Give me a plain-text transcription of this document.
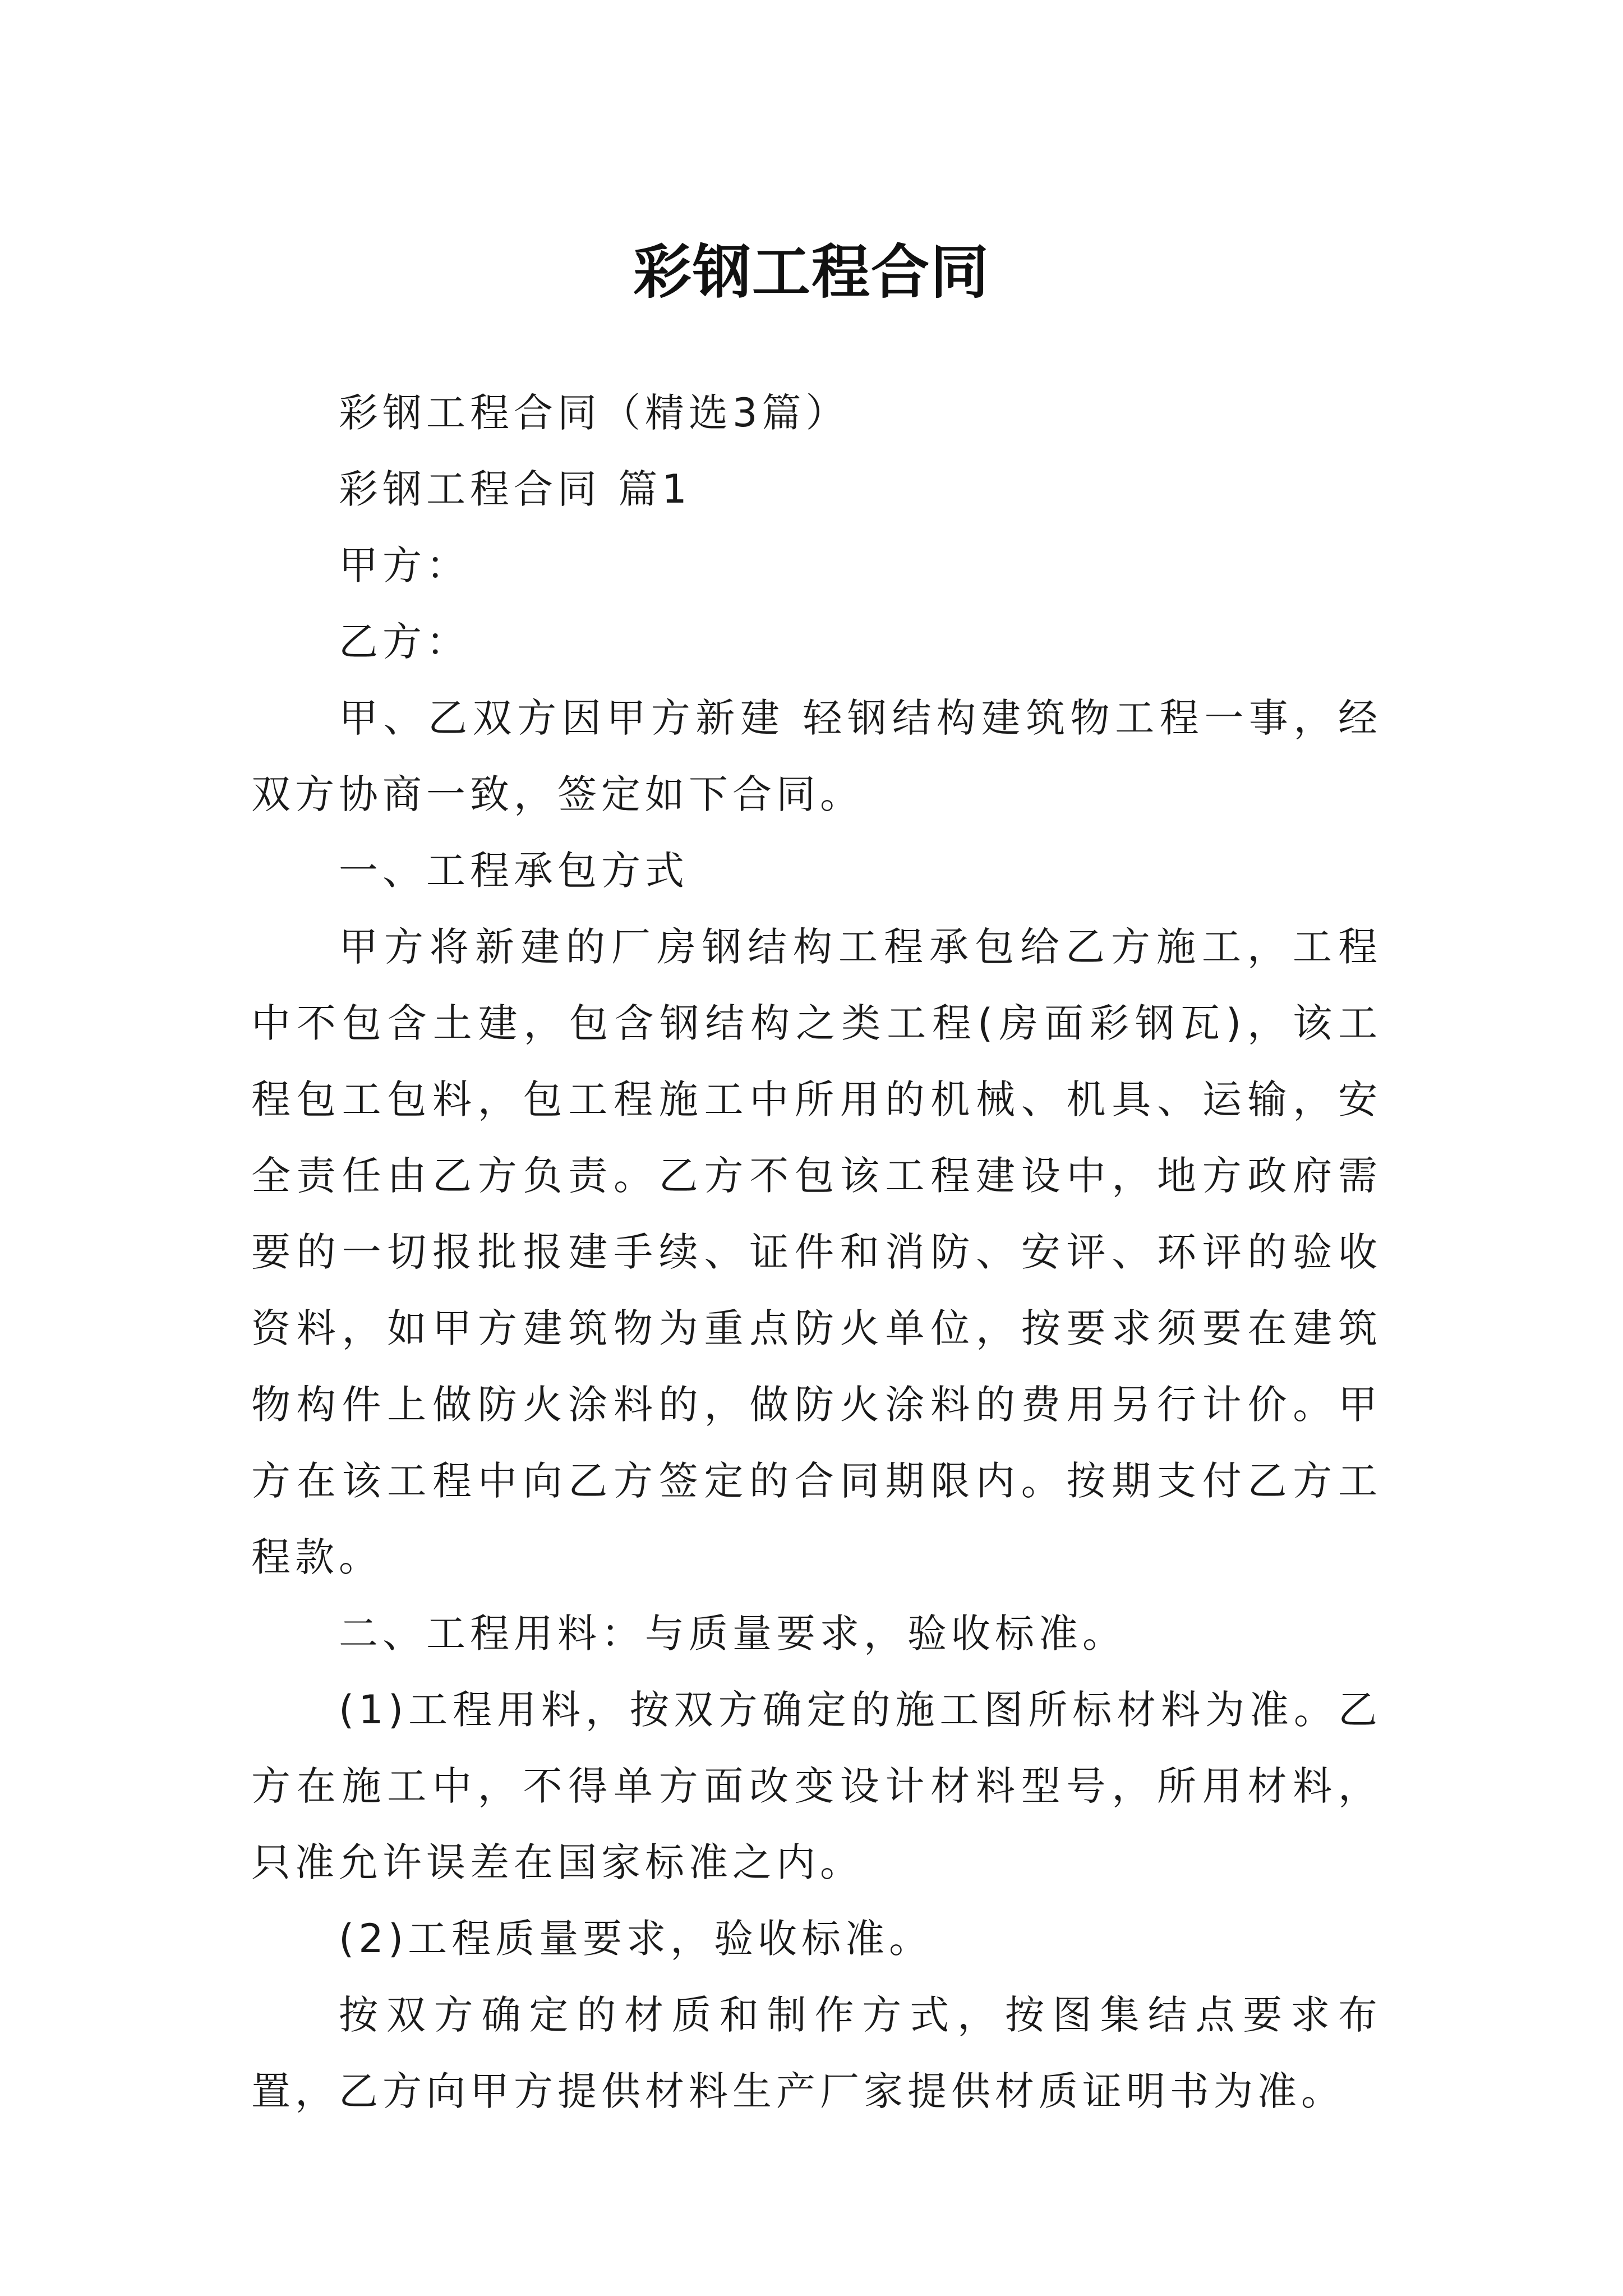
彩钢工程合同

彩钢工程合同（精选3篇）

彩钢工程合同 篇1

甲方：

乙方：

甲、乙双方因甲方新建 轻钢结构建筑物工程一事，经双方协商一致，签定如下合同。

一、工程承包方式

甲方将新建的厂房钢结构工程承包给乙方施工，工程中不包含土建，包含钢结构之类工程(房面彩钢瓦)，该工程包工包料，包工程施工中所用的机械、机具、运输，安全责任由乙方负责。乙方不包该工程建设中，地方政府需要的一切报批报建手续、证件和消防、安评、环评的验收资料，如甲方建筑物为重点防火单位，按要求须要在建筑物构件上做防火涂料的，做防火涂料的费用另行计价。甲方在该工程中向乙方签定的合同期限内。按期支付乙方工程款。

二、工程用料：与质量要求，验收标准。

(1)工程用料，按双方确定的施工图所标材料为准。乙方在施工中，不得单方面改变设计材料型号，所用材料，只准允许误差在国家标准之内。

(2)工程质量要求，验收标准。

按双方确定的材质和制作方式，按图集结点要求布置，乙方向甲方提供材料生产厂家提供材质证明书为准。
